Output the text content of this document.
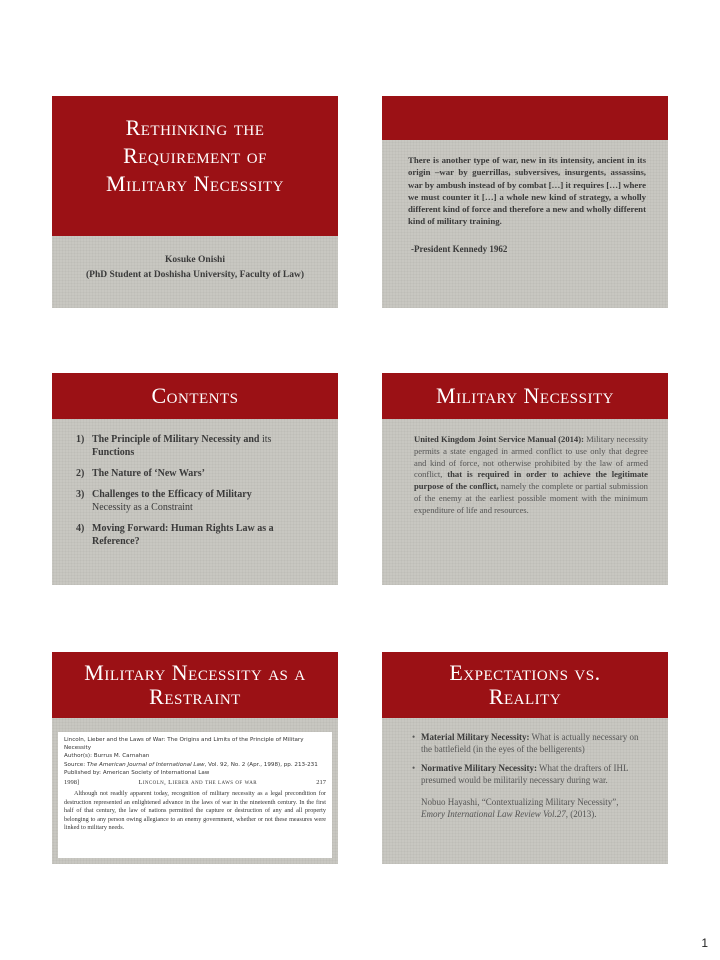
Rethinking the Requirement of Military Necessity
Kosuke Onishi
(PhD Student at Doshisha University, Faculty of Law)
There is another type of war, new in its intensity, ancient in its origin –war by guerrillas, subversives, insurgents, assassins, war by ambush instead of by combat […] it requires […] where we must counter it […] a whole new kind of strategy, a wholly different kind of force and therefore a new and wholly different kind of military training.
-President Kennedy 1962
Contents
1) The Principle of Military Necessity and its
Functions
2) The Nature of ‘New Wars’
3) Challenges to the Efficacy of Military
Necessity as a Constraint
4) Moving Forward: Human Rights Law as a
Reference?
Military Necessity
United Kingdom Joint Service Manual (2014): Military necessity permits a state engaged in armed conflict to use only that degree and kind of force, not otherwise prohibited by the law of armed conflict, that is required in order to achieve the legitimate purpose of the conflict, namely the complete or partial submission of the enemy at the earliest possible moment with the minimum expenditure of life and resources.
Military Necessity as a Restraint
Lincoln, Lieber and the Laws of War: The Origins and Limits of the Principle of Military Necessity
Author(s): Burrus M. Carnahan
Source: The American Journal of International Law, Vol. 92, No. 2 (Apr., 1998), pp. 213-231
Published by: American Society of International Law
1998]	Lincoln, Lieber and the laws of war	217
Although not readily apparent today, recognition of military necessity as a legal precondition for destruction represented an enlightened advance in the laws of war in the nineteenth century. In the first half of that century, the law of nations permitted the capture or destruction of any and all property belonging to any person owing allegiance to an enemy government, whether or not these measures were linked to military needs.
Expectations vs. Reality
• Material Military Necessity: What is actually necessary on the battlefield (in the eyes of the belligerents)
• Normative Military Necessity: What the drafters of IHL presumed would be militarily necessary during war.
Nobuo Hayashi, “Contextualizing Military Necessity”,
Emory International Law Review Vol.27, (2013).
1
